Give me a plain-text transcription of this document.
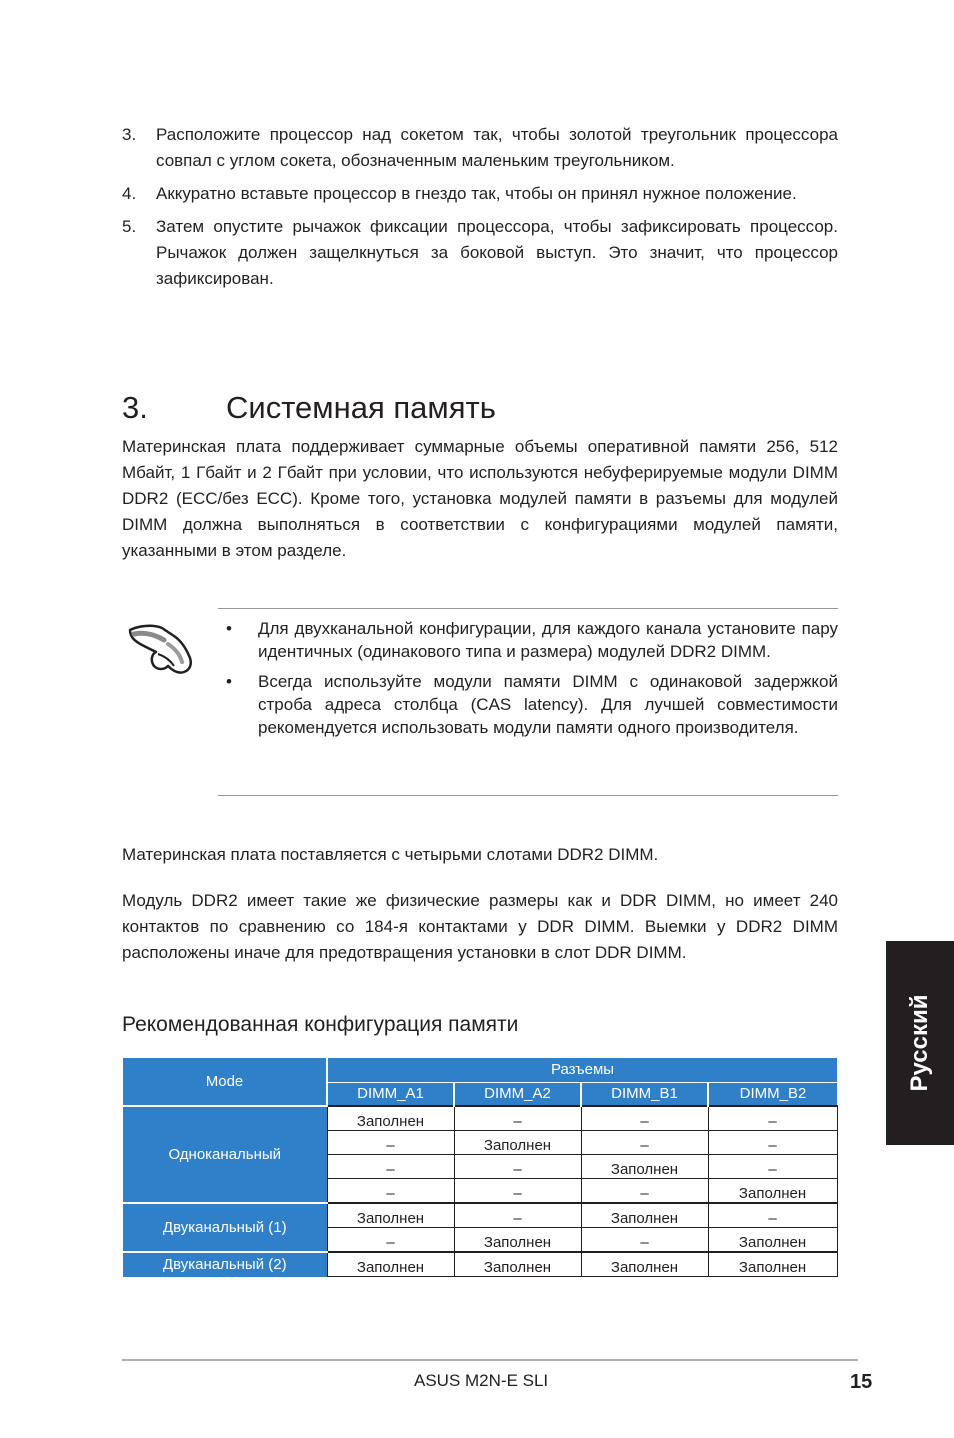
3.	Расположите процессор над сокетом так, чтобы золотой треугольник процессора совпал с углом сокета, обозначенным маленьким треугольником.
4.	Аккуратно вставьте процессор в гнездо так, чтобы он принял нужное положение.
5.	Затем опустите рычажок фиксации процессора, чтобы зафиксировать процессор. Рычажок должен защелкнуться за боковой выступ. Это значит, что процессор зафиксирован.
3.	Системная память

Материнская плата поддерживает суммарные объемы оперативной памяти 256, 512 Мбайт, 1 Гбайт и 2 Гбайт при условии, что используются небуферируемые модули DIMM DDR2 (ECC/без ECC). Кроме того, установка модулей памяти в разъемы для модулей DIMM должна выполняться в соответствии с конфигурациями модулей памяти, указанными в этом разделе.

•	Для двухканальной конфигурации, для каждого канала установите пару идентичных (одинакового типа и размера) модулей DDR2 DIMM.
•	Всегда используйте модули памяти DIMM с одинаковой задержкой строба адреса столбца (CAS latency). Для лучшей совместимости рекомендуется использовать модули памяти одного производителя.

Материнская плата поставляется с четырьми слотами DDR2 DIMM.

Модуль DDR2 имеет такие же физические размеры как и DDR DIMM, но имеет 240 контактов по сравнению со 184-я контактами у DDR DIMM. Выемки у DDR2 DIMM расположены иначе для предотвращения установки в слот DDR DIMM.

Рекомендованная конфигурация памяти
Mode	Разъемы			
	DIMM_A1	DIMM_A2	DIMM_B1	DIMM_B2
Одноканальный	Заполнен	–	–	–
	–	Заполнен	–	–
	–	–	Заполнен	–
	–	–	–	Заполнен
Двуканальный (1)	Заполнен	–	Заполнен	–
	–	Заполнен	–	Заполнен
Двуканальный (2)	Заполнен	Заполнен	Заполнен	Заполнен
Русский
ASUS M2N-E SLI	15
